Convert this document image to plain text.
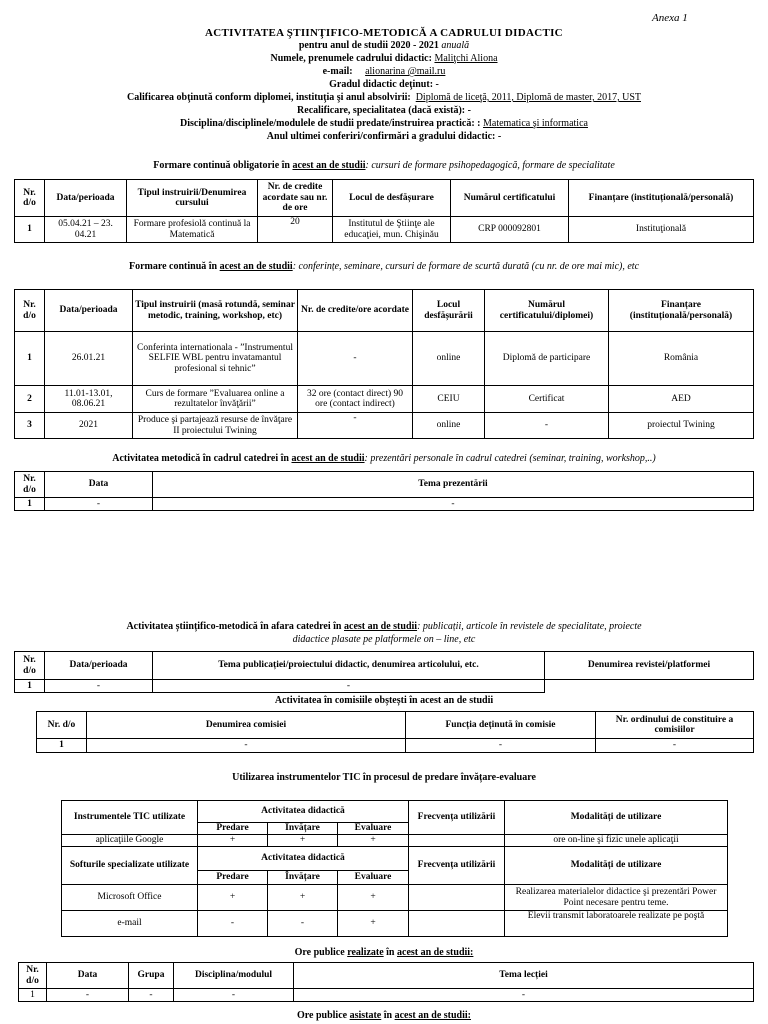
Anexa 1
ACTIVITATEA ŞTIINŢIFICO-METODICĂ A CADRULUI DIDACTIC
pentru anul de studii 2020 - 2021 anuală
Numele, prenumele cadrului didactic: Maliţchi Aliona
e-mail: alionarina @mail.ru
Gradul didactic deţinut: -
Calificarea obţinută conform diplomei, instituţia şi anul absolvirii: Diplomă de liceţă, 2011, Diplomă de master, 2017, UST
Recalificare, specialitatea (dacă există): -
Disciplina/disciplinele/modulele de studii predate/instruirea practică: : Matematica şi informatica
Anul ultimei conferiri/confirmări a gradului didactic: -
Formare continuă obligatorie în acest an de studii: cursuri de formare psihopedagogică, formare de specialitate
Nr. d/o	Data/perioada	Tipul instruirii/Denumirea cursului	Nr. de credite acordate sau nr. de ore	Locul de desfășurare	Numărul certificatului	Finanțare (instituțională/personală)
1	05.04.21 – 23. 04.21	Formare profesiolă continuă la Matematică	20	Institutul de Ştiinţe ale educaţiei, mun. Chişinău	CRP 000092801	Instituţională
Formare continuă în acest an de studii: conferințe, seminare, cursuri de formare de scurtă durată (cu nr. de ore mai mic), etc
Nr. d/o	Data/perioada	Tipul instruirii (masă rotundă, seminar metodic, training, workshop, etc)	Nr. de credite/ore acordate	Locul desfășurării	Numărul certificatului/diplomei)	Finanțare (instituțională/personală)
1	26.01.21	Conferinta internationala - ”Instrumentul SELFIE WBL pentru invatamantul profesional si tehnic”	-	online	Diplomă de participare	România
2	11.01-13.01, 08.06.21	Curs de formare ”Evaluarea online a rezultatelor învăţării”	32 ore (contact direct) 90 ore (contact indirect)	CEIU	Certificat	AED
3	2021	Produce şi partajează resurse de învăţare II proiectului Twining	-	online	-	proiectul Twining
Activitatea metodică în cadrul catedrei în acest an de studii: prezentări personale în cadrul catedrei (seminar, training, workshop,..)
Nr. d/o	Data	Tema prezentării
1	-	-
Activitatea științifico-metodică în afara catedrei în acest an de studii: publicații, articole în revistele de specialitate, proiecte
didactice plasate pe platformele on – line, etc
Nr. d/o	Data/perioada	Tema publicației/proiectului didactic, denumirea articolului, etc.	Denumirea revistei/platformei
1	-	-	
Activitatea în comisiile obștești în acest an de studii
Nr. d/o	Denumirea comisiei	Funcția deținută în comisie	Nr. ordinului de constituire a comisiilor
1	-	-	-
Utilizarea instrumentelor TIC în procesul de predare învățare-evaluare
Instrumentele TIC utilizate	Activitatea didactică			Frecvența utilizării	Modalități de utilizare
	Predare	Învățare	Evaluare		
aplicaţiile Google	+	+	+		ore on-line şi fizic unele aplicaţii
Softurile specializate utilizate	Activitatea didactică			Frecvența utilizării	Modalități de utilizare
	Predare	Învățare	Evaluare		
Microsoft Office	+	+	+		Realizarea materialelor didactice şi prezentări Power Point necesare pentru teme.
e-mail	-	-	+		Elevii transmit laboratoarele realizate pe poştă
Ore publice realizate în acest an de studii:
Nr. d/o	Data	Grupa	Disciplina/modulul	Tema lecției
1	-	-	-	-
Ore publice asistate în acest an de studii:
